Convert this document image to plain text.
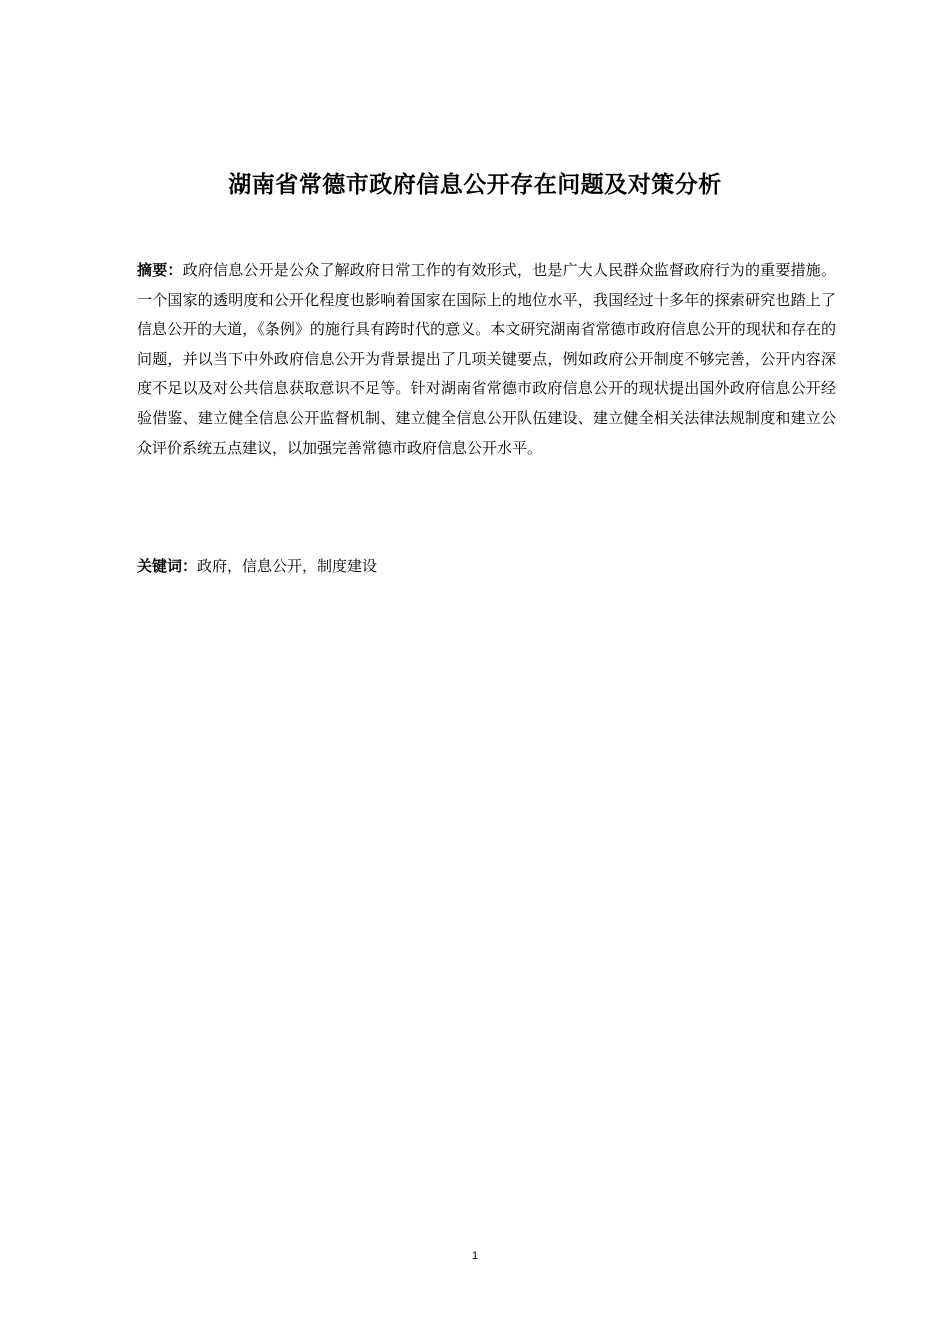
湖南省常德市政府信息公开存在问题及对策分析

摘要：政府信息公开是公众了解政府日常工作的有效形式，也是广大人民群众监督政府行为的重要措施。一个国家的透明度和公开化程度也影响着国家在国际上的地位水平，我国经过十多年的探索研究也踏上了信息公开的大道，《条例》的施行具有跨时代的意义。本文研究湖南省常德市政府信息公开的现状和存在的问题，并以当下中外政府信息公开为背景提出了几项关键要点，例如政府公开制度不够完善，公开内容深度不足以及对公共信息获取意识不足等。针对湖南省常德市政府信息公开的现状提出国外政府信息公开经验借鉴、建立健全信息公开监督机制、建立健全信息公开队伍建设、建立健全相关法律法规制度和建立公众评价系统五点建议，以加强完善常德市政府信息公开水平。

关键词：政府，信息公开，制度建设

1
